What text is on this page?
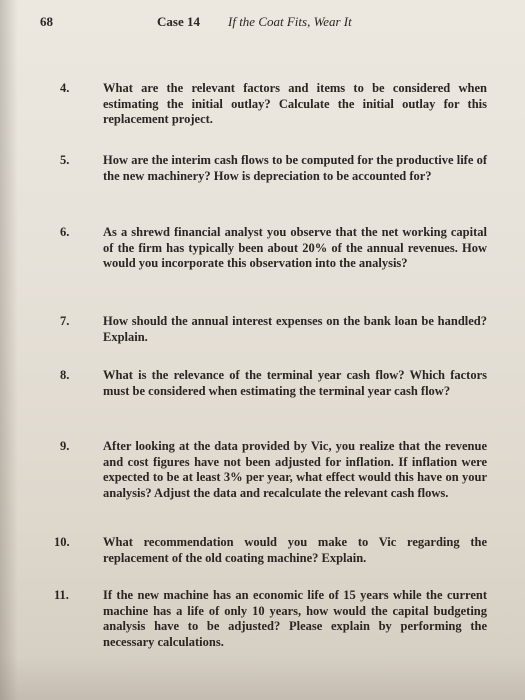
68	Case 14 If the Coat Fits, Wear It
4.	What are the relevant factors and items to be considered when estimating the initial outlay? Calculate the initial outlay for this replacement project.
5.	How are the interim cash flows to be computed for the productive life of the new machinery? How is depreciation to be accounted for?
6.	As a shrewd financial analyst you observe that the net working capital of the firm has typically been about 20% of the annual revenues. How would you incorporate this observation into the analysis?
7.	How should the annual interest expenses on the bank loan be handled? Explain.
8.	What is the relevance of the terminal year cash flow? Which factors must be considered when estimating the terminal year cash flow?
9.	After looking at the data provided by Vic, you realize that the revenue and cost figures have not been adjusted for inflation. If inflation were expected to be at least 3% per year, what effect would this have on your analysis? Adjust the data and recalculate the relevant cash flows.
10.	What recommendation would you make to Vic regarding the replacement of the old coating machine? Explain.
11.	If the new machine has an economic life of 15 years while the current machine has a life of only 10 years, how would the capital budgeting analysis have to be adjusted? Please explain by performing the necessary calculations.
